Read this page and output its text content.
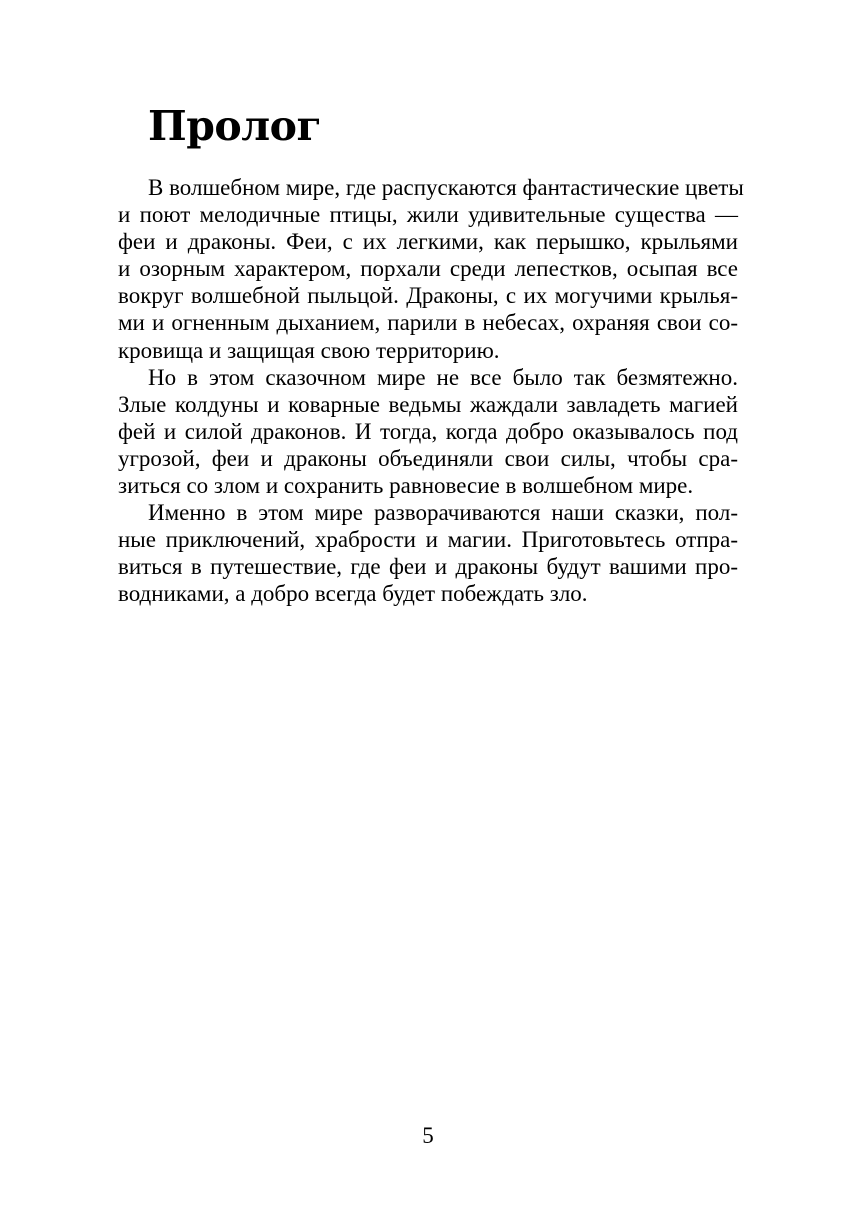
Пролог
В волшебном мире, где распускаются фантастические цветы
и поют мелодичные птицы, жили удивительные существа —
феи и драконы. Феи, с их легкими, как перышко, крыльями
и озорным характером, порхали среди лепестков, осыпая все
вокруг волшебной пыльцой. Драконы, с их могучими крылья-
ми и огненным дыханием, парили в небесах, охраняя свои со-
кровища и защищая свою территорию.
Но в этом сказочном мире не все было так безмятежно.
Злые колдуны и коварные ведьмы жаждали завладеть магией
фей и силой драконов. И тогда, когда добро оказывалось под
угрозой, феи и драконы объединяли свои силы, чтобы сра-
зиться со злом и сохранить равновесие в волшебном мире.
Именно в этом мире разворачиваются наши сказки, пол-
ные приключений, храбрости и магии. Приготовьтесь отпра-
виться в путешествие, где феи и драконы будут вашими про-
водниками, а добро всегда будет побеждать зло.
5
